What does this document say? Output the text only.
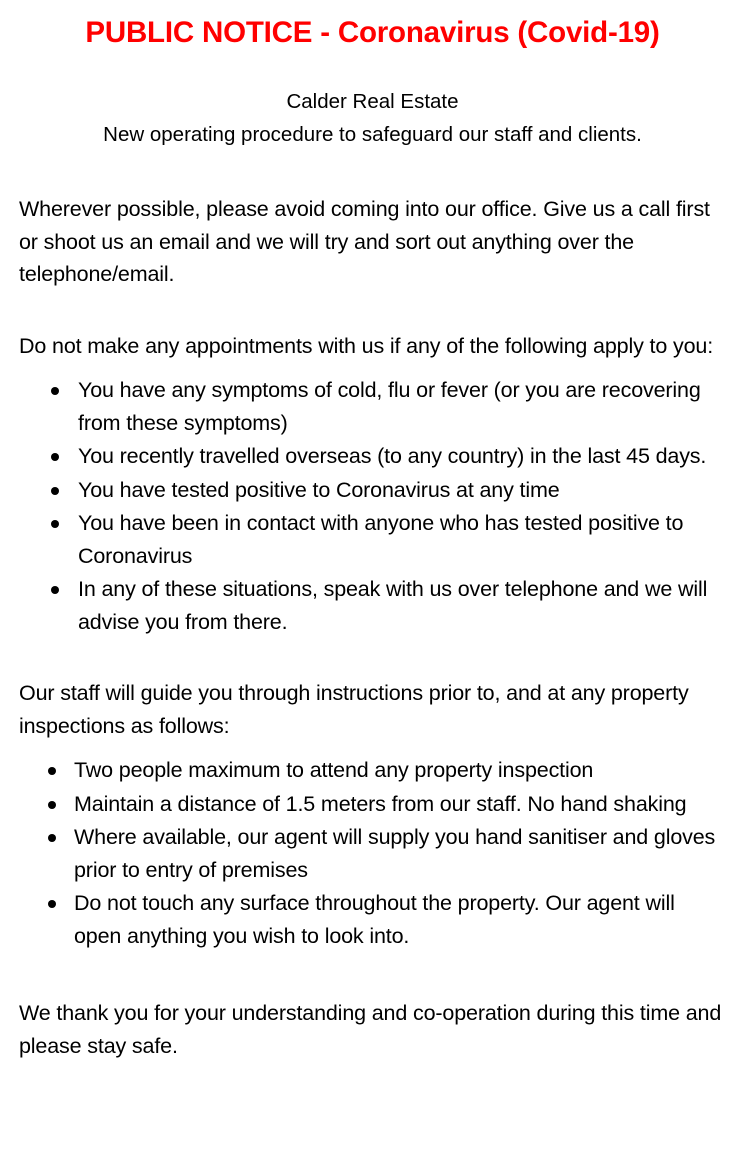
PUBLIC NOTICE - Coronavirus (Covid-19)
Calder Real Estate
New operating procedure to safeguard our staff and clients.

Wherever possible, please avoid coming into our office. Give us a call first or shoot us an email and we will try and sort out anything over the telephone/email.

Do not make any appointments with us if any of the following apply to you:

You have any symptoms of cold, flu or fever (or you are recovering from these symptoms)
You recently travelled overseas (to any country) in the last 45 days.
You have tested positive to Coronavirus at any time
You have been in contact with anyone who has tested positive to Coronavirus
In any of these situations, speak with us over telephone and we will advise you from there.

Our staff will guide you through instructions prior to, and at any property inspections as follows:

Two people maximum to attend any property inspection
Maintain a distance of 1.5 meters from our staff. No hand shaking
Where available, our agent will supply you hand sanitiser and gloves prior to entry of premises
Do not touch any surface throughout the property. Our agent will open anything you wish to look into.

We thank you for your understanding and co-operation during this time and please stay safe.
